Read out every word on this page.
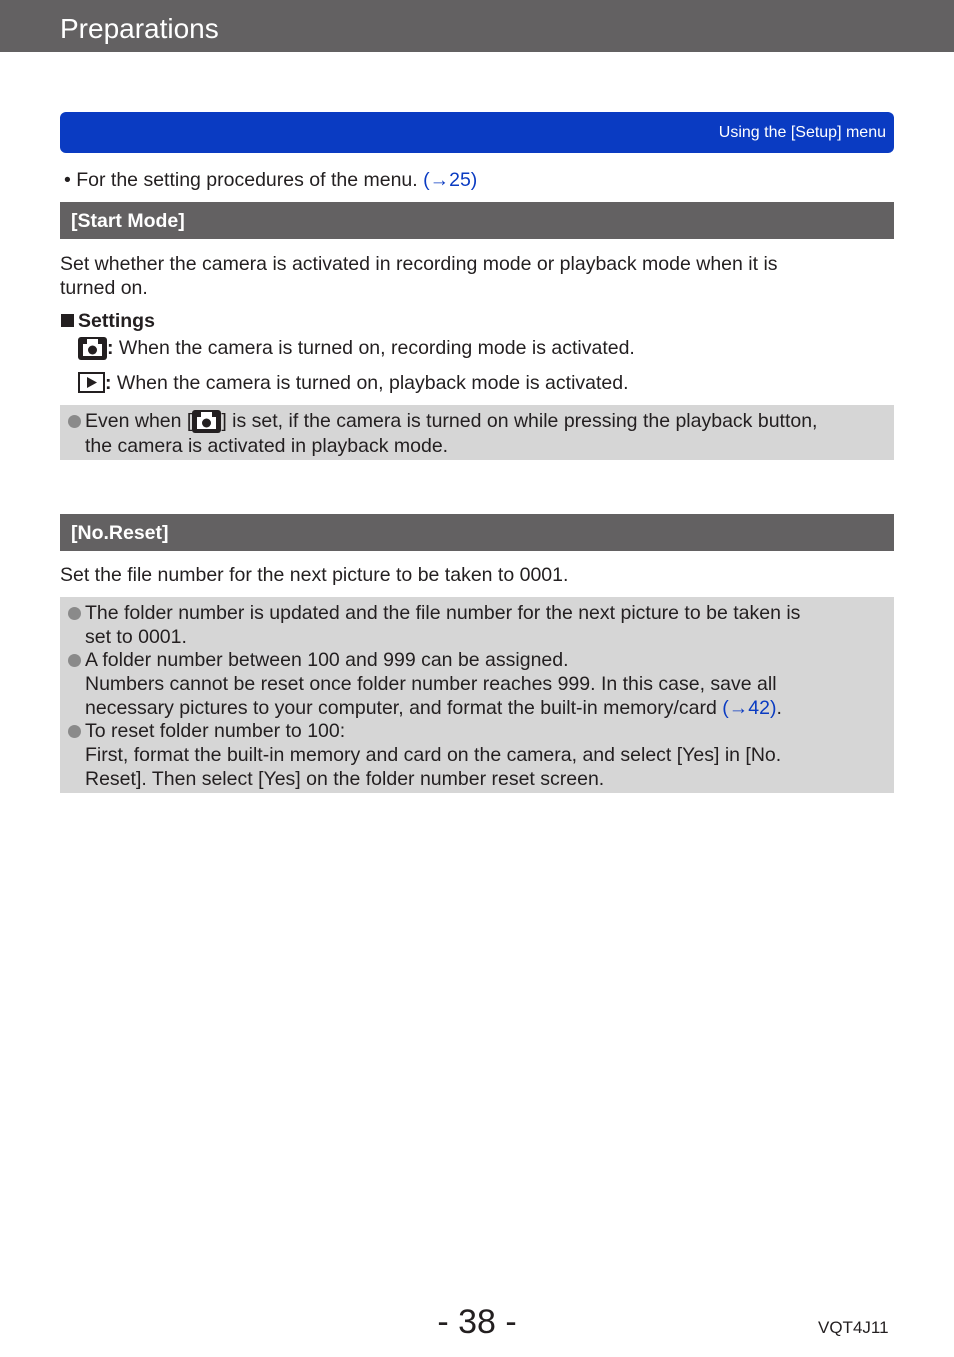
Preparations
Using the [Setup] menu
• For the setting procedures of the menu. (→25)
[Start Mode]
Set whether the camera is activated in recording mode or playback mode when it is
turned on.
Settings
: When the camera is turned on, recording mode is activated.
: When the camera is turned on, playback mode is activated.
Even when [ ] is set, if the camera is turned on while pressing the playback button,
the camera is activated in playback mode.
[No.Reset]
Set the file number for the next picture to be taken to 0001.
The folder number is updated and the file number for the next picture to be taken is
set to 0001.
A folder number between 100 and 999 can be assigned.
Numbers cannot be reset once folder number reaches 999. In this case, save all
necessary pictures to your computer, and format the built-in memory/card (→42).
To reset folder number to 100:
First, format the built-in memory and card on the camera, and select [Yes] in [No.
Reset]. Then select [Yes] on the folder number reset screen.
- 38 -	VQT4J11
